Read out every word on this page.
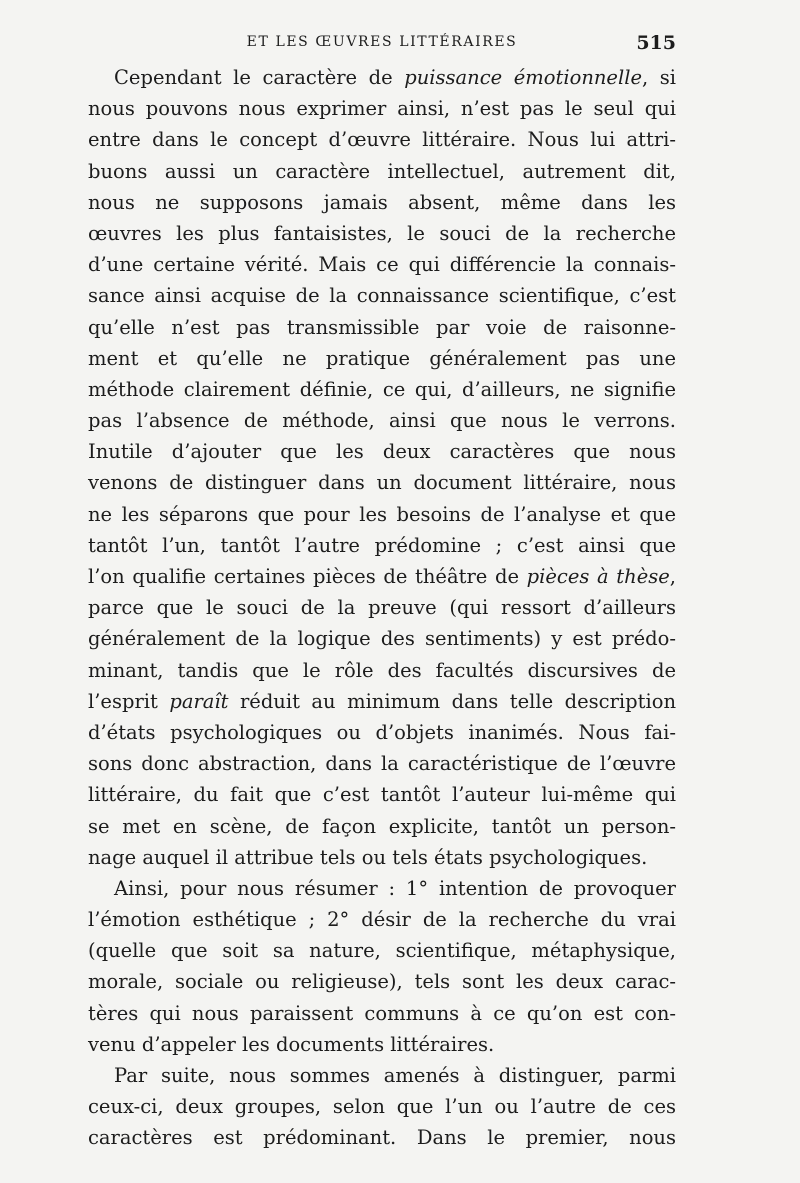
ET LES ŒUVRES LITTÉRAIRES	515
Cependant le caractère de puissance émotionnelle, si
nous pouvons nous exprimer ainsi, n’est pas le seul qui
entre dans le concept d’œuvre littéraire. Nous lui attri-
buons aussi un caractère intellectuel, autrement dit,
nous ne supposons jamais absent, même dans les
œuvres les plus fantaisistes, le souci de la recherche
d’une certaine vérité. Mais ce qui différencie la connais-
sance ainsi acquise de la connaissance scientifique, c’est
qu’elle n’est pas transmissible par voie de raisonne-
ment et qu’elle ne pratique généralement pas une
méthode clairement définie, ce qui, d’ailleurs, ne signifie
pas l’absence de méthode, ainsi que nous le verrons.
Inutile d’ajouter que les deux caractères que nous
venons de distinguer dans un document littéraire, nous
ne les séparons que pour les besoins de l’analyse et que
tantôt l’un, tantôt l’autre prédomine ; c’est ainsi que
l’on qualifie certaines pièces de théâtre de pièces à thèse,
parce que le souci de la preuve (qui ressort d’ailleurs
généralement de la logique des sentiments) y est prédo-
minant, tandis que le rôle des facultés discursives de
l’esprit paraît réduit au minimum dans telle description
d’états psychologiques ou d’objets inanimés. Nous fai-
sons donc abstraction, dans la caractéristique de l’œuvre
littéraire, du fait que c’est tantôt l’auteur lui-même qui
se met en scène, de façon explicite, tantôt un person-
nage auquel il attribue tels ou tels états psychologiques.
Ainsi, pour nous résumer : 1° intention de provoquer
l’émotion esthétique ; 2° désir de la recherche du vrai
(quelle que soit sa nature, scientifique, métaphysique,
morale, sociale ou religieuse), tels sont les deux carac-
tères qui nous paraissent communs à ce qu’on est con-
venu d’appeler les documents littéraires.
Par suite, nous sommes amenés à distinguer, parmi
ceux-ci, deux groupes, selon que l’un ou l’autre de ces
caractères est prédominant. Dans le premier, nous
